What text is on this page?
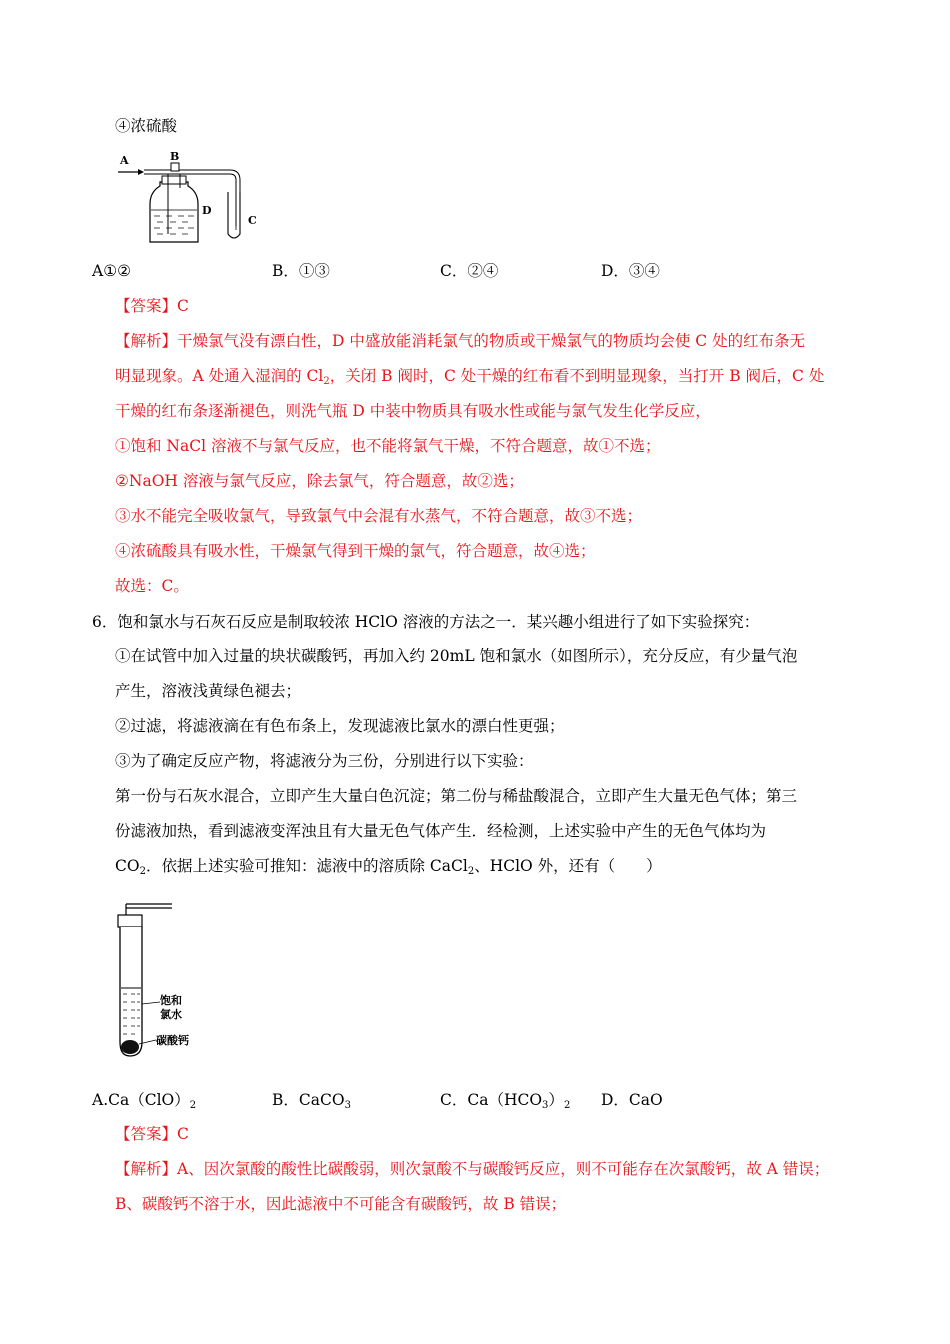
④浓硫酸
A	B
D
C
A①②	B．①③	C．②④	D．③④
【答案】C
【解析】干燥氯气没有漂白性，D 中盛放能消耗氯气的物质或干燥氯气的物质均会使 C 处的红布条无
明显现象。A 处通入湿润的 $Cl_2$，关闭 B 阀时，C 处干燥的红布看不到明显现象，当打开 B 阀后，C 处
干燥的红布条逐渐褪色，则洗气瓶 D 中装中物质具有吸水性或能与氯气发生化学反应，
①饱和 NaCl 溶液不与氯气反应，也不能将氯气干燥，不符合题意，故①不选；
②NaOH 溶液与氯气反应，除去氯气，符合题意，故②选；
③水不能完全吸收氯气，导致氯气中会混有水蒸气，不符合题意，故③不选；
④浓硫酸具有吸水性，干燥氯气得到干燥的氯气，符合题意，故④选；
故选：C。
6．饱和氯水与石灰石反应是制取较浓 HClO 溶液的方法之一．某兴趣小组进行了如下实验探究：
①在试管中加入过量的块状碳酸钙，再加入约 20mL 饱和氯水（如图所示），充分反应，有少量气泡
产生，溶液浅黄绿色褪去；
②过滤，将滤液滴在有色布条上，发现滤液比氯水的漂白性更强；
③为了确定反应产物，将滤液分为三份，分别进行以下实验：
第一份与石灰水混合，立即产生大量白色沉淀；第二份与稀盐酸混合，立即产生大量无色气体；第三
份滤液加热，看到滤液变浑浊且有大量无色气体产生．经检测，上述实验中产生的无色气体均为
$CO_2$．依据上述实验可推知：滤液中的溶质除 CaCl$_2$、HClO 外，还有（　　）
饱和
氯水
碳酸钙
$A.Ca(ClO)_2$	B．CaCO$_3$	C．$Ca(HCO_3)_2$ D．CaO
【答案】C
【解析】A、因次氯酸的酸性比碳酸弱，则次氯酸不与碳酸钙反应，则不可能存在次氯酸钙，故 A 错误；
B、碳酸钙不溶于水，因此滤液中不可能含有碳酸钙，故 B 错误；
